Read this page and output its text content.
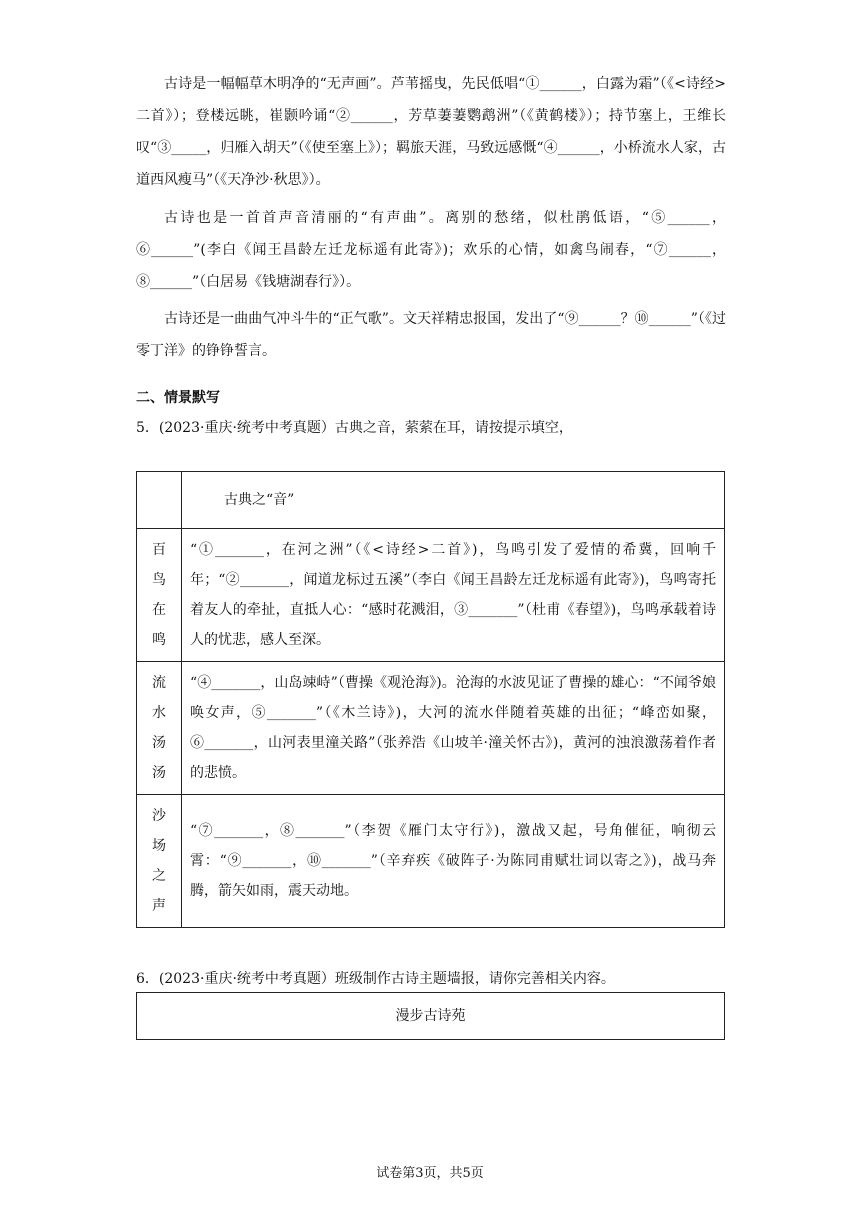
古诗是一幅幅草木明净的“无声画”。芦苇摇曳，先民低唱“①______，白露为霜”（《<诗经>二首》）；登楼远眺，崔颢吟诵“②______，芳草萋萋鹦鹉洲”（《黄鹤楼》）；持节塞上，王维长叹“③_____，归雁入胡天”（《使至塞上》）；羁旅天涯，马致远感慨“④______，小桥流水人家，古道西风瘦马”（《天净沙·秋思》）。
古诗也是一首首声音清丽的“有声曲”。离别的愁绪，似杜鹃低语，“⑤______，⑥______”(李白《闻王昌龄左迁龙标遥有此寄》)；欢乐的心情，如禽鸟闹春，“⑦______，⑧______”（白居易《钱塘湖春行》）。
古诗还是一曲曲气冲斗牛的“正气歌”。文天祥精忠报国，发出了“⑨______？⑩______”（《过零丁洋》的铮铮誓言。
二、情景默写
5．(2023·重庆·统考中考真题）古典之音，萦萦在耳，请按提示填空，
	古典之“音”

百
鸟
在
鸣	“①_______，在河之洲”（《<诗经>二首》)，鸟鸣引发了爱情的希冀，回响千年；“②_______，闻道龙标过五溪”（李白《闻王昌龄左迁龙标遥有此寄》)，鸟鸣寄托着友人的牵扯，直抵人心：“感时花溅泪，③_______”（杜甫《春望》)，鸟鸣承载着诗人的忧悲，感人至深。

流
水
汤
汤	“④_______，山岛竦峙”（曹操《观沧海》)。沧海的水波见证了曹操的雄心：“不闻爷娘唤女声，⑤_______”（《木兰诗》)，大河的流水伴随着英雄的出征；“峰峦如聚，⑥_______，山河表里潼关路”（张养浩《山坡羊·潼关怀古》)，黄河的浊浪激荡着作者的悲愤。

沙
场
之
声	“⑦_______，⑧_______”（李贺《雁门太守行》)，激战又起，号角催征，响彻云霄：“⑨_______，⑩_______”（辛弃疾《破阵子·为陈同甫赋壮词以寄之》)，战马奔腾，箭矢如雨，震天动地。
6．(2023·重庆·统考中考真题）班级制作古诗主题墙报，请你完善相关内容。
漫步古诗苑
试卷第3页，共5页
